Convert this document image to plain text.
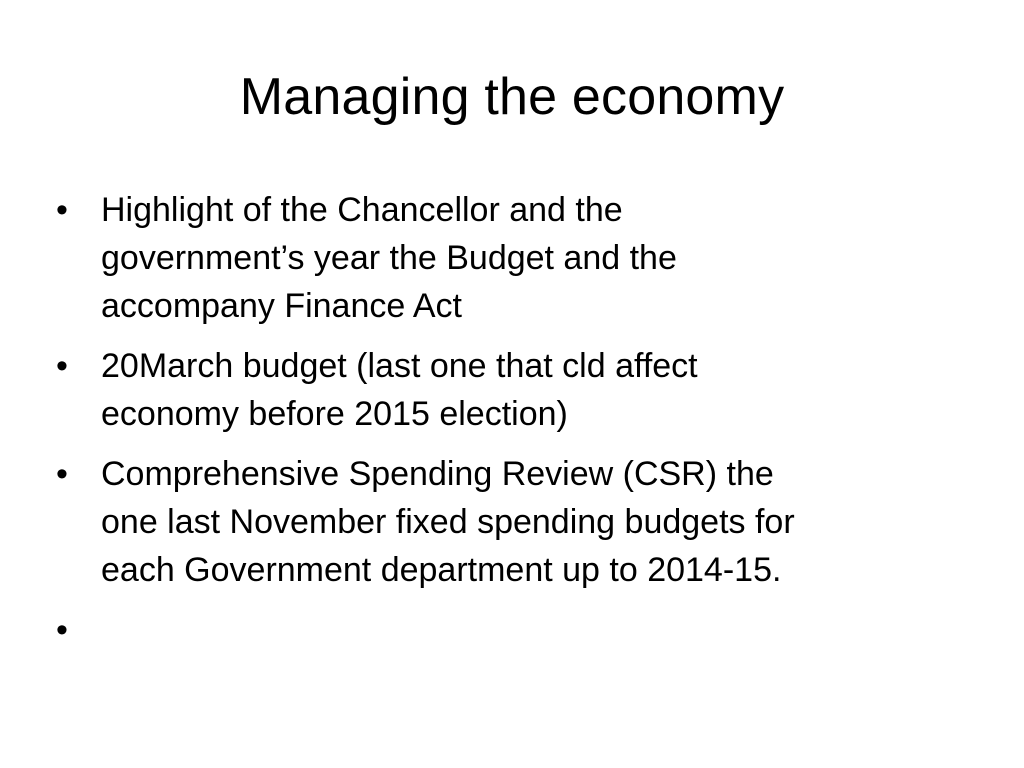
Managing the economy
• Highlight of the Chancellor and the
government’s year the Budget and the
accompany Finance Act
• 20March budget (last one that cld affect
economy before 2015 election)
• Comprehensive Spending Review (CSR) the
one last November fixed spending budgets for
each Government department up to 2014-15.
•
